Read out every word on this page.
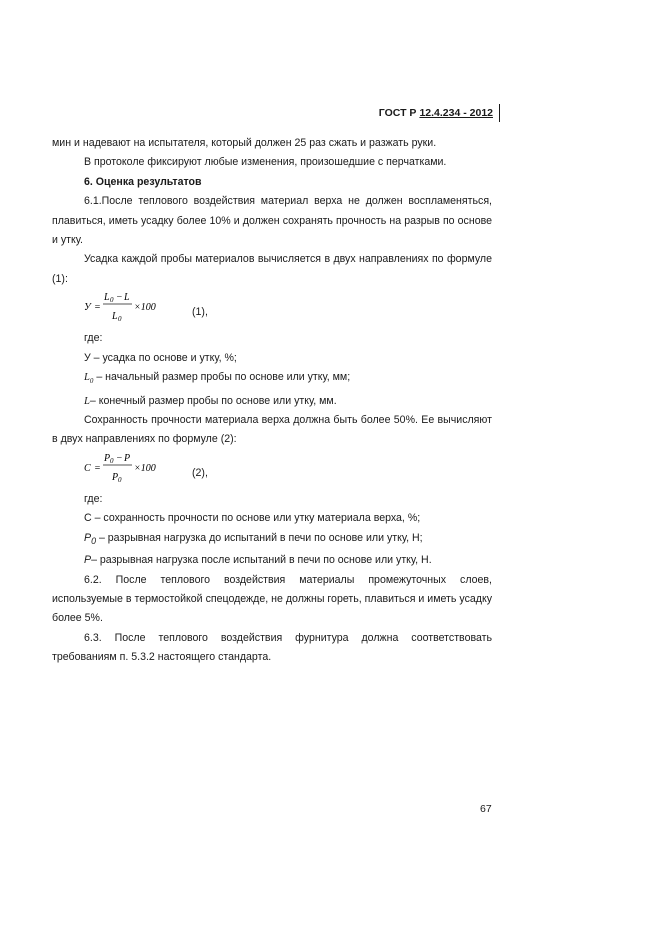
ГОСТ Р 12.4.234 - 2012

мин и надевают на испытателя, который должен 25 раз сжать и разжать руки.

В протоколе фиксируют любые изменения, произошедшие с перчатками.

6. Оценка результатов

6.1.После теплового воздействия материал верха не должен воспламеняться, плавиться, иметь усадку более 10% и должен сохранять прочность на разрыв по основе и утку.

Усадка каждой пробы материалов вычисляется в двух направлениях по формуле (1):

У =
L 0 − L
L 0
×100	(1),

где:

У – усадка по основе и утку, %;

$L_0$ – начальный размер пробы по основе или утку, мм;

L– конечный размер пробы по основе или утку, мм.

Сохранность прочности материала верха должна быть более 50%. Ее вычисляют в двух направлениях по формуле (2):

С =
P 0 − P
P 0
×100	(2),

где:

С – сохранность прочности по основе или утку материала верха, %;

$P_0$ – разрывная нагрузка до испытаний в печи по основе или утку, Н;

P– разрывная нагрузка после испытаний в печи по основе или утку, Н.

6.2. После теплового воздействия материалы промежуточных слоев, используемые в термостойкой спецодежде, не должны гореть, плавиться и иметь усадку более 5%.

6.3. После теплового воздействия фурнитура должна соответствовать требованиям п. 5.3.2 настоящего стандарта.

67
